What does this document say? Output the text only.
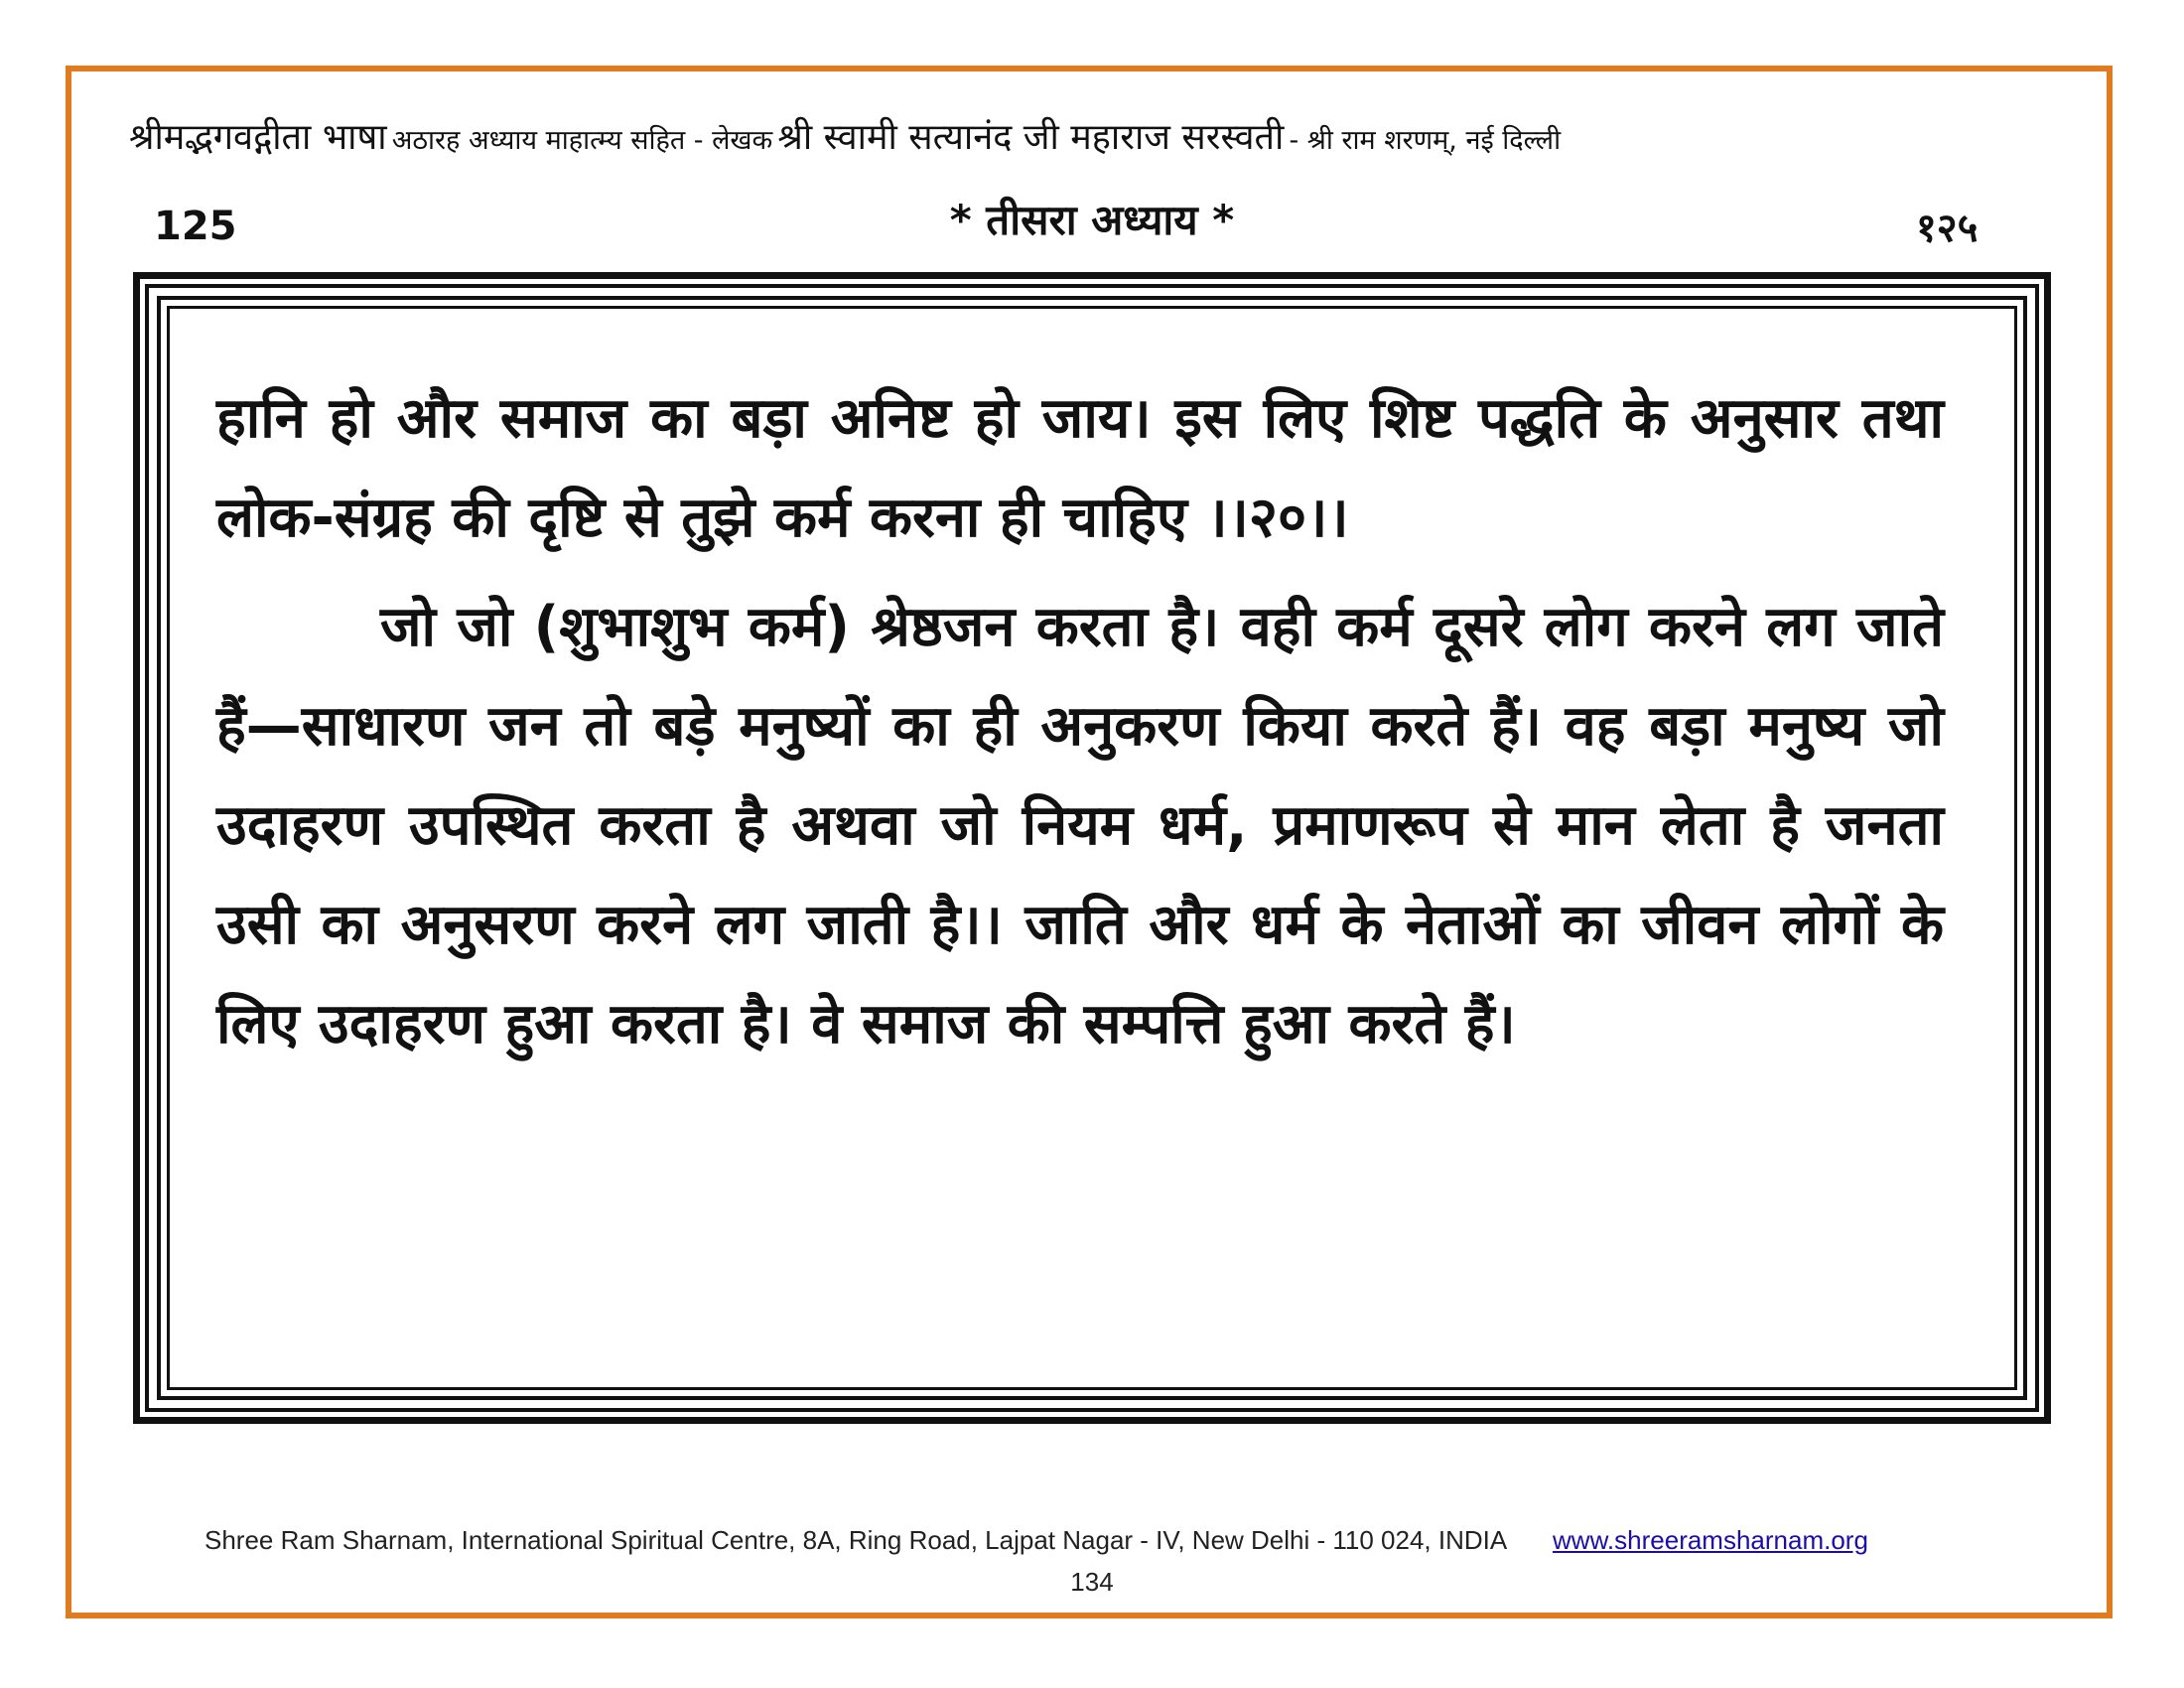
श्रीमद्भगवद्गीता भाषा अठारह अध्याय माहात्म्य सहित - लेखक श्री स्वामी सत्यानंद जी महाराज सरस्वती - श्री राम शरणम्, नई दिल्ली
125	* तीसरा अध्याय *	१२५

हानि हो और समाज का बड़ा अनिष्ट हो जाय। इस लिए शिष्ट पद्धति के अनुसार तथा लोक-संग्रह की दृष्टि से तुझे कर्म करना ही चाहिए ।।२०।।

जो जो (शुभाशुभ कर्म) श्रेष्ठजन करता है। वही कर्म दूसरे लोग करने लग जाते हैं—साधारण जन तो बड़े मनुष्यों का ही अनुकरण किया करते हैं। वह बड़ा मनुष्य जो उदाहरण उपस्थित करता है अथवा जो नियम धर्म, प्रमाणरूप से मान लेता है जनता उसी का अनुसरण करने लग जाती है।। जाति और धर्म के नेताओं का जीवन लोगों के लिए उदाहरण हुआ करता है। वे समाज की सम्पत्ति हुआ करते हैं।

Shree Ram Sharnam, International Spiritual Centre, 8A, Ring Road, Lajpat Nagar - IV, New Delhi - 110 024, INDIA www.shreeramsharnam.org
134
